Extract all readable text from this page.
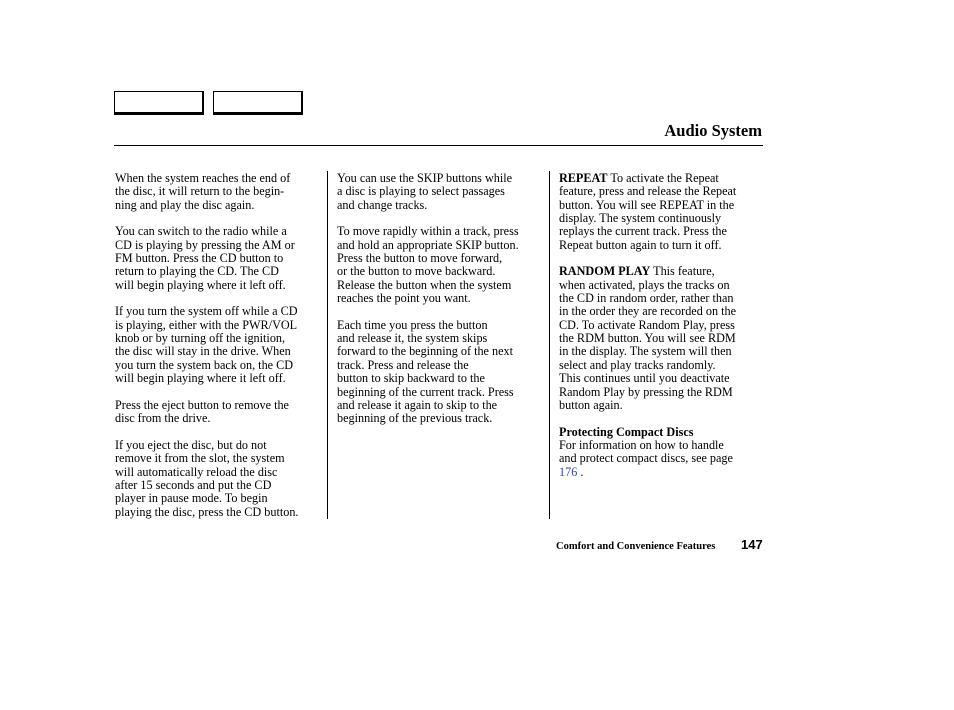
Audio System

When the system reaches the end of
the disc, it will return to the begin-
ning and play the disc again.

You can switch to the radio while a
CD is playing by pressing the AM or
FM button. Press the CD button to
return to playing the CD. The CD
will begin playing where it left off.

If you turn the system off while a CD
is playing, either with the PWR/VOL
knob or by turning off the ignition,
the disc will stay in the drive. When
you turn the system back on, the CD
will begin playing where it left off.

Press the eject button to remove the
disc from the drive.

If you eject the disc, but do not
remove it from the slot, the system
will automatically reload the disc
after 15 seconds and put the CD
player in pause mode. To begin
playing the disc, press the CD button.

You can use the SKIP buttons while
a disc is playing to select passages
and change tracks.

To move rapidly within a track, press
and hold an appropriate SKIP button.
Press the button to move forward,
or the button to move backward.
Release the button when the system
reaches the point you want.

Each time you press the button
and release it, the system skips
forward to the beginning of the next
track. Press and release the
button to skip backward to the
beginning of the current track. Press
and release it again to skip to the
beginning of the previous track.

REPEAT To activate the Repeat
feature, press and release the Repeat
button. You will see REPEAT in the
display. The system continuously
replays the current track. Press the
Repeat button again to turn it off.

RANDOM PLAY This feature,
when activated, plays the tracks on
the CD in random order, rather than
in the order they are recorded on the
CD. To activate Random Play, press
the RDM button. You will see RDM
in the display. The system will then
select and play tracks randomly.
This continues until you deactivate
Random Play by pressing the RDM
button again.

Protecting Compact Discs
For information on how to handle
and protect compact discs, see page
176 .

Comfort and Convenience Features 147
